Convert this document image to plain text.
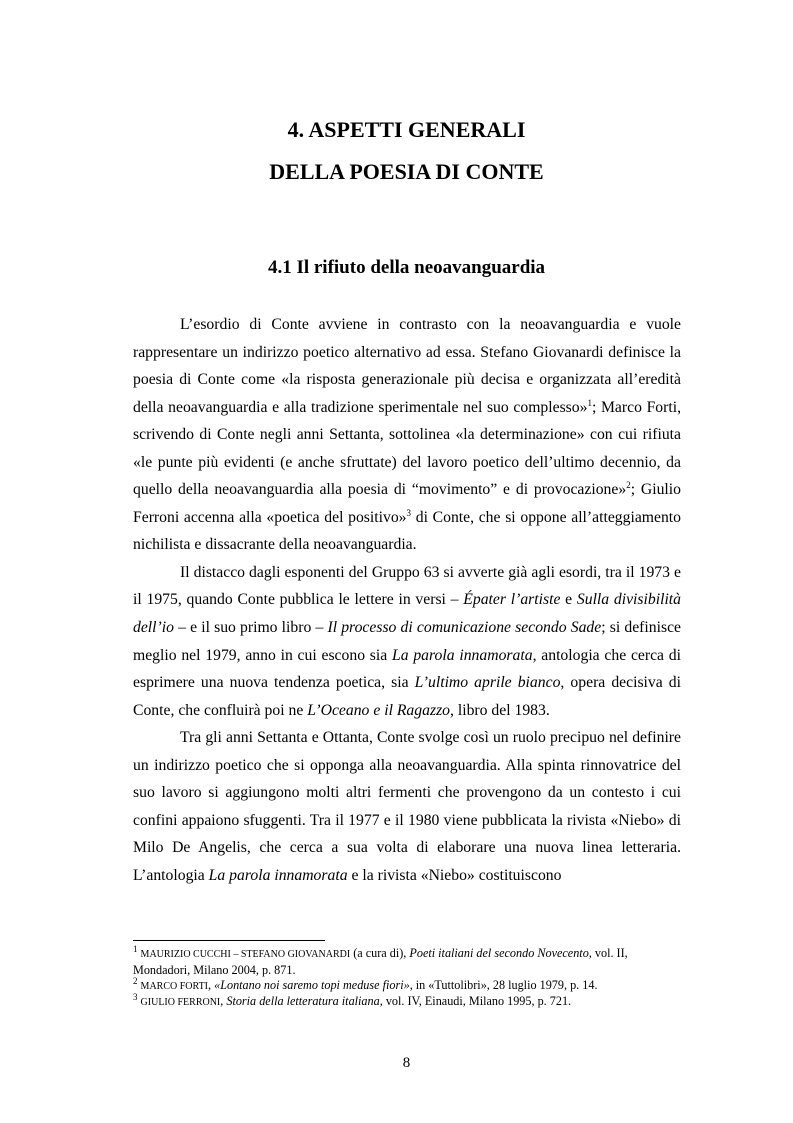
4. ASPETTI GENERALI
DELLA POESIA DI CONTE
4.1 Il rifiuto della neoavanguardia

L’esordio di Conte avviene in contrasto con la neoavanguardia e vuole rappresentare un indirizzo poetico alternativo ad essa. Stefano Giovanardi definisce la poesia di Conte come «la risposta generazionale più decisa e organizzata all’eredità della neoavanguardia e alla tradizione sperimentale nel suo complesso»$^1$; Marco Forti, scrivendo di Conte negli anni Settanta, sottolinea «la determinazione» con cui rifiuta «le punte più evidenti (e anche sfruttate) del lavoro poetico dell’ultimo decennio, da quello della neoavanguardia alla poesia di “movimento” e di provocazione»$^2$; Giulio Ferroni accenna alla «poetica del positivo»$^3$ di Conte, che si oppone all’atteggiamento nichilista e dissacrante della neoavanguardia.

Il distacco dagli esponenti del Gruppo 63 si avverte già agli esordi, tra il 1973 e il 1975, quando Conte pubblica le lettere in versi – Épater l’artiste e Sulla divisibilità dell’io – e il suo primo libro – Il processo di comunicazione secondo Sade; si definisce meglio nel 1979, anno in cui escono sia La parola innamorata, antologia che cerca di esprimere una nuova tendenza poetica, sia L’ultimo aprile bianco, opera decisiva di Conte, che confluirà poi ne L’Oceano e il Ragazzo, libro del 1983.

Tra gli anni Settanta e Ottanta, Conte svolge così un ruolo precipuo nel definire un indirizzo poetico che si opponga alla neoavanguardia. Alla spinta rinnovatrice del suo lavoro si aggiungono molti altri fermenti che provengono da un contesto i cui confini appaiono sfuggenti. Tra il 1977 e il 1980 viene pubblicata la rivista «Niebo» di Milo De Angelis, che cerca a sua volta di elaborare una nuova linea letteraria. L’antologia La parola innamorata e la rivista «Niebo» costituiscono

$^1$ MAURIZIO CUCCHI – STEFANO GIOVANARDI (a cura di), Poeti italiani del secondo Novecento, vol. II, Mondadori, Milano 2004, p. 871.

$^2$ MARCO FORTI, «Lontano noi saremo topi meduse fiori», in «Tuttolibri», 28 luglio 1979, p. 14.

$^3$ GIULIO FERRONI, Storia della letteratura italiana, vol. IV, Einaudi, Milano 1995, p. 721.

8
